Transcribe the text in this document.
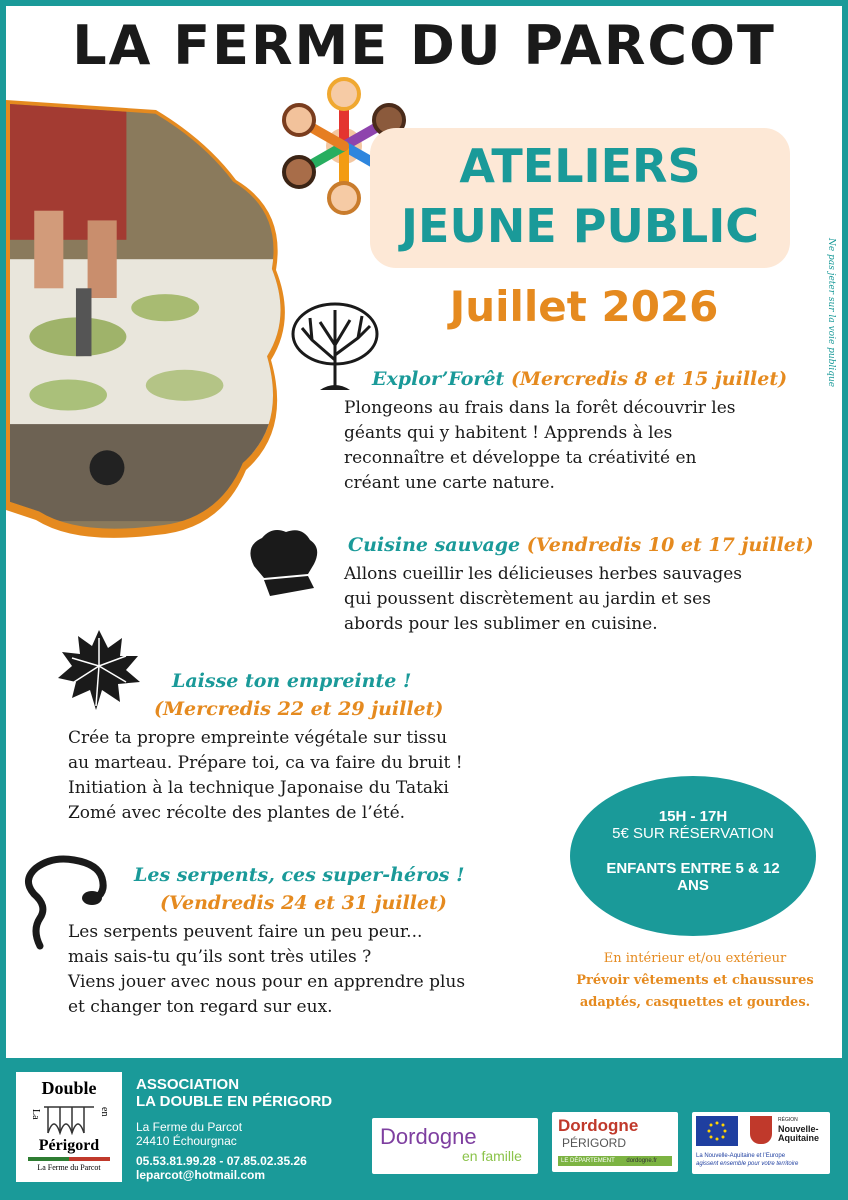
LA FERME DU PARCOT
ATELIERS
JEUNE PUBLIC
Juillet 2026	Ne pas jeter sur la voie publique
Explor’Forêt (Mercredis 8 et 15 juillet)
Plongeons au frais dans la forêt découvrir les
géants qui y habitent ! Apprends à les
reconnaître et développe ta créativité en
créant une carte nature.
Cuisine sauvage (Vendredis 10 et 17 juillet)
Allons cueillir les délicieuses herbes sauvages
qui poussent discrètement au jardin et ses
abords pour les sublimer en cuisine.
Laisse ton empreinte !
(Mercredis 22 et 29 juillet)
Crée ta propre empreinte végétale sur tissu
au marteau. Prépare toi, ca va faire du bruit !
Initiation à la technique Japonaise du Tataki
Zomé avec récolte des plantes de l’été.
Les serpents, ces super-héros !
(Vendredis 24 et 31 juillet)
Les serpents peuvent faire un peu peur...
mais sais-tu qu’ils sont très utiles ?
Viens jouer avec nous pour en apprendre plus
et changer ton regard sur eux.
15H - 17H
5€ SUR RÉSERVATION
ENFANTS ENTRE 5 & 12
ANS
En intérieur et/ou extérieur
Prévoir vêtements et chaussures
adaptés, casquettes et gourdes.
Double
La	en
Périgord
La Ferme du Parcot
ASSOCIATION
LA DOUBLE EN PÉRIGORD
La Ferme du Parcot
24410 Échourgnac
05.53.81.99.28 - 07.85.02.35.26
leparcot@hotmail.com
Dordogne
en famille
Dordogne
PÉRIGORD
LE DÉPARTEMENT dordogne.fr
RÉGION
Nouvelle-
Aquitaine
La Nouvelle-Aquitaine et l’Europe
agissent ensemble pour votre territoire
